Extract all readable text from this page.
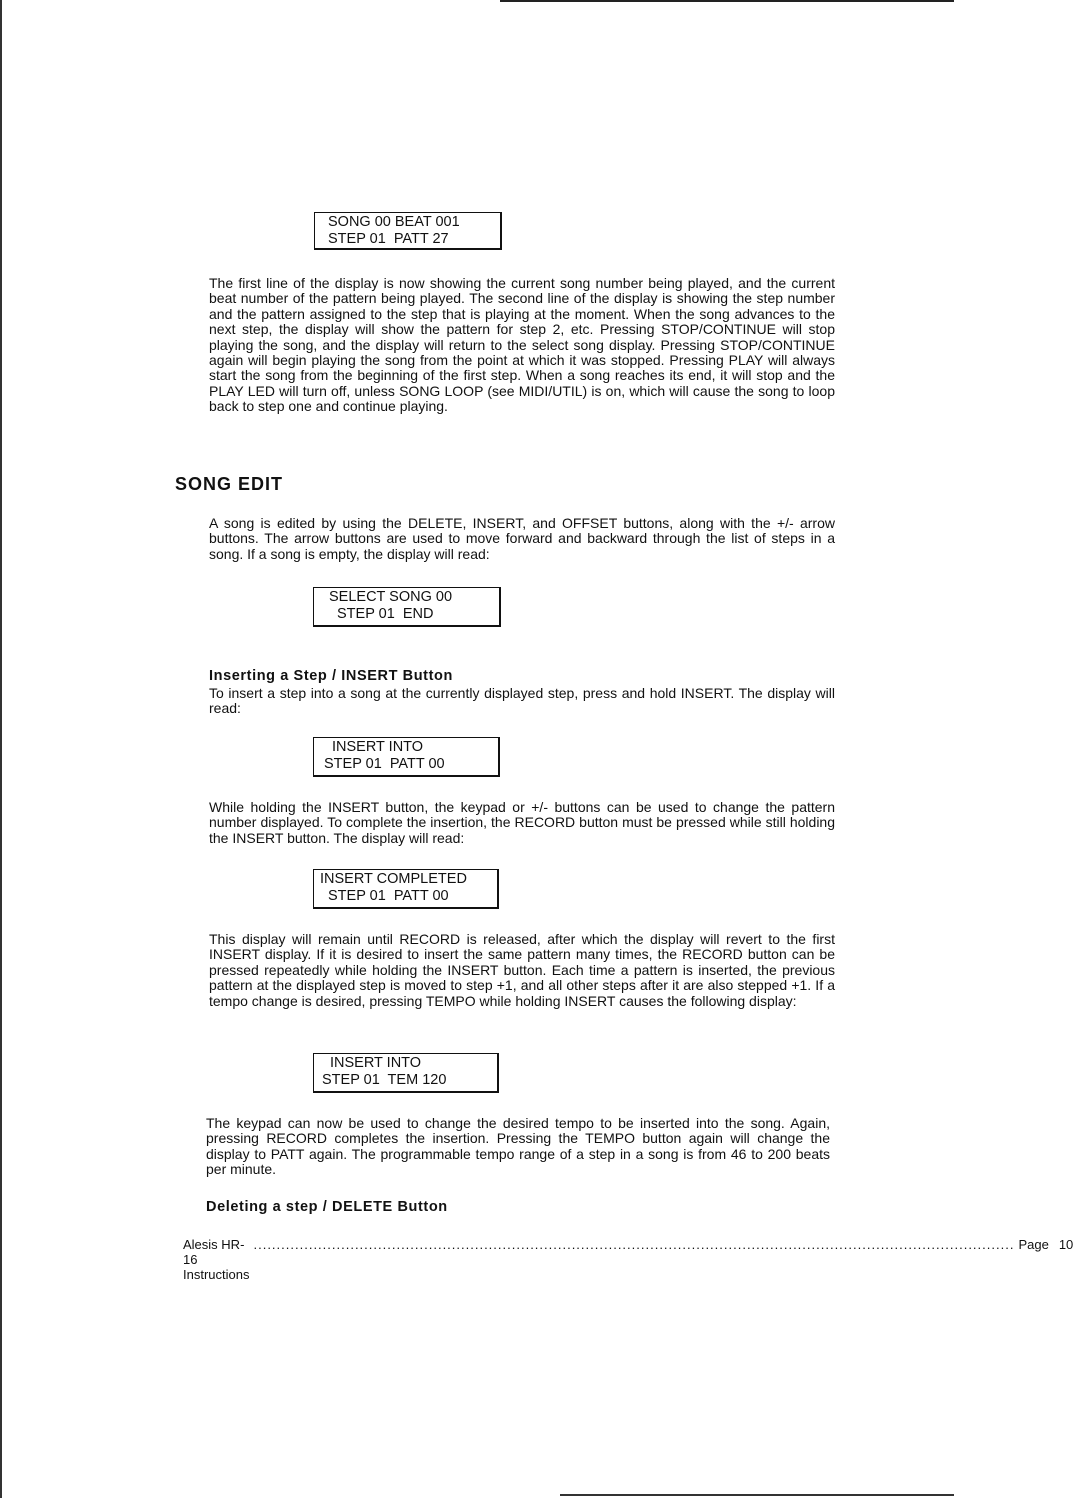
SONG 00 BEAT 001
STEP 01  PATT 27
The first line of the display is now showing the current song number being played, and the current beat number of the pattern being played. The second line of the display is showing the step number and the pattern assigned to the step that is playing at the moment. When the song advances to the next step, the display will show the pattern for step 2, etc. Pressing STOP/CONTINUE will stop playing the song, and the display will return to the select song display. Pressing STOP/CONTINUE again will begin playing the song from the point at which it was stopped. Pressing PLAY will always start the song from the beginning of the first step. When a song reaches its end, it will stop and the PLAY LED will turn off, unless SONG LOOP (see MIDI/UTIL) is on, which will cause the song to loop back to step one and continue playing.
SONG EDIT
A song is edited by using the DELETE, INSERT, and OFFSET buttons, along with the +/- arrow buttons. The arrow buttons are used to move forward and backward through the list of steps in a song. If a song is empty, the display will read:
SELECT SONG 00
STEP 01  END
Inserting a Step / INSERT Button
To insert a step into a song at the currently displayed step, press and hold INSERT. The display will read:
INSERT INTO
STEP 01  PATT 00
While holding the INSERT button, the keypad or +/- buttons can be used to change the pattern number displayed. To complete the insertion, the RECORD button must be pressed while still holding the INSERT button. The display will read:
INSERT COMPLETED
STEP 01  PATT 00
This display will remain until RECORD is released, after which the display will revert to the first INSERT display. If it is desired to insert the same pattern many times, the RECORD button can be pressed repeatedly while holding the INSERT button. Each time a pattern is inserted, the previous pattern at the displayed step is moved to step +1, and all other steps after it are also stepped +1. If a tempo change is desired, pressing TEMPO while holding INSERT causes the following display:
INSERT INTO
STEP 01  TEM 120
The keypad can now be used to change the desired tempo to be inserted into the song. Again, pressing RECORD completes the insertion. Pressing the TEMPO button again will change the display to PATT again. The programmable tempo range of a step in a song is from 46 to 200 beats per minute.
Deleting a step / DELETE Button
Alesis HR-16 Instructions
..................................................................................................................................................................... Page 10
